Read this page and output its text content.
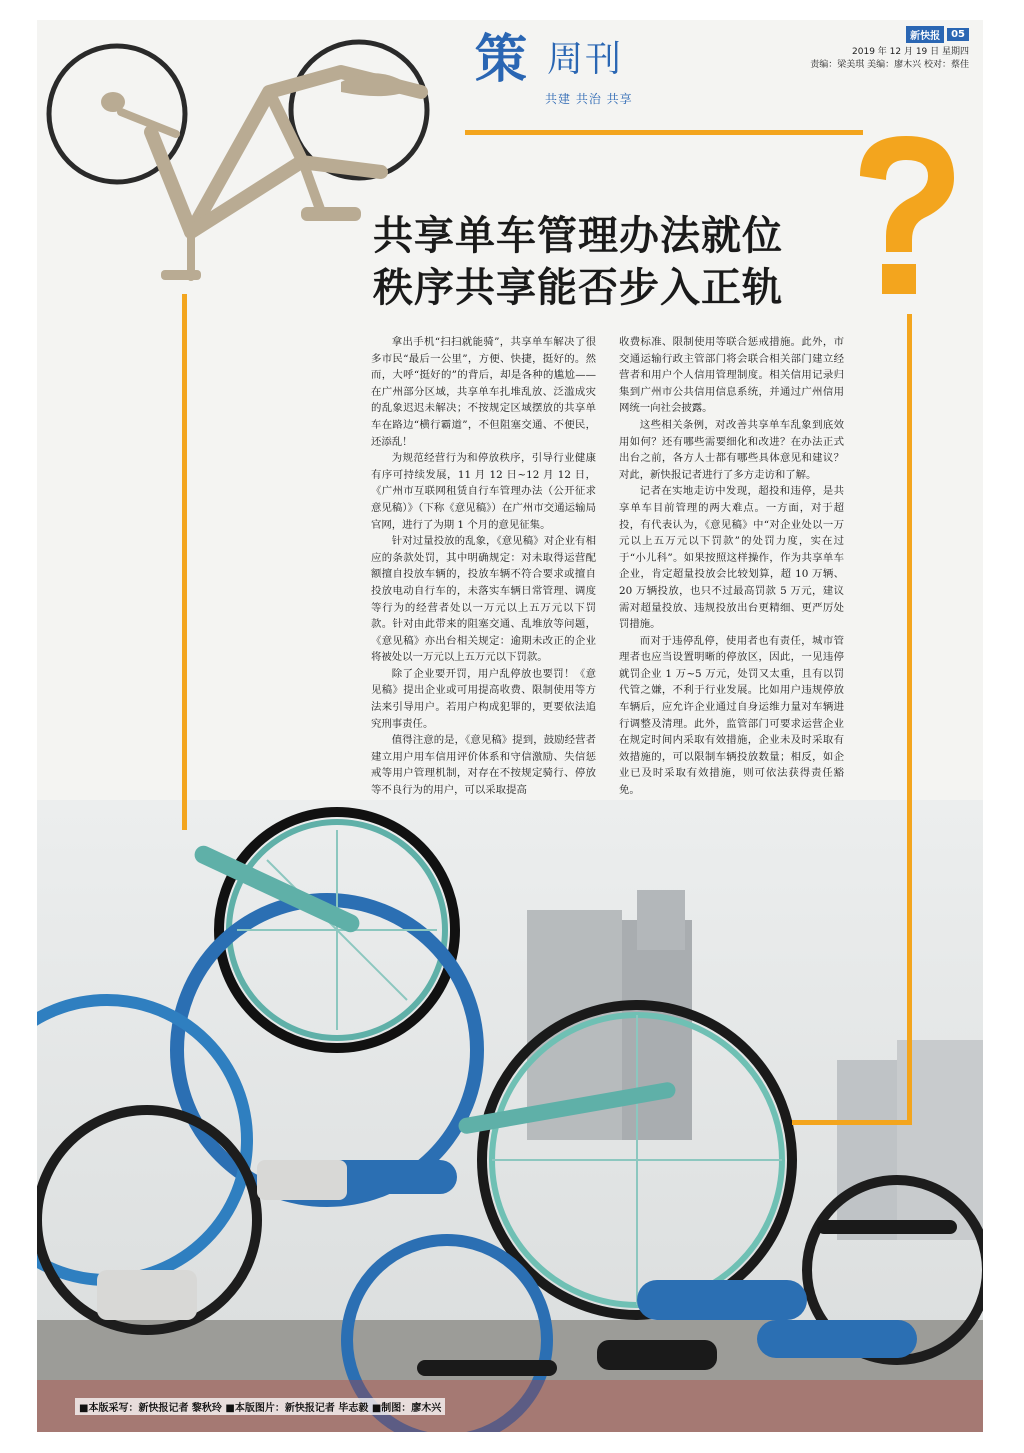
策 周刊
共建 共治 共享
新快报	05
2019 年 12 月 19 日 星期四
责编：梁美琪 美编：廖木兴 校对：蔡佳
共享单车管理办法就位
秩序共享能否步入正轨

拿出手机“扫扫就能骑”，共享单车解决了很多市民“最后一公里”，方便、快捷，挺好的。然而，大呼“挺好的”的背后，却是各种的尴尬——在广州部分区域，共享单车扎堆乱放、泛滥成灾的乱象迟迟未解决；不按规定区域摆放的共享单车在路边“横行霸道”，不但阻塞交通、不便民，还添乱！

为规范经营行为和停放秩序，引导行业健康有序可持续发展，11 月 12 日~12 月 12 日，《广州市互联网租赁自行车管理办法（公开征求意见稿）》（下称《意见稿》）在广州市交通运输局官网，进行了为期 1 个月的意见征集。

针对过量投放的乱象，《意见稿》对企业有相应的条款处罚，其中明确规定：对未取得运营配额擅自投放车辆的，投放车辆不符合要求或擅自投放电动自行车的，未落实车辆日常管理、调度等行为的经营者处以一万元以上五万元以下罚款。针对由此带来的阻塞交通、乱堆放等问题，《意见稿》亦出台相关规定：逾期未改正的企业将被处以一万元以上五万元以下罚款。

除了企业要开罚，用户乱停放也要罚！《意见稿》提出企业或可用提高收费、限制使用等方法来引导用户。若用户构成犯罪的，更要依法追究刑事责任。

值得注意的是，《意见稿》提到，鼓励经营者建立用户用车信用评价体系和守信激励、失信惩戒等用户管理机制，对存在不按规定骑行、停放等不良行为的用户，可以采取提高

收费标准、限制使用等联合惩戒措施。此外，市交通运输行政主管部门将会联合相关部门建立经营者和用户个人信用管理制度。相关信用记录归集到广州市公共信用信息系统，并通过广州信用网统一向社会披露。

这些相关条例，对改善共享单车乱象到底效用如何？还有哪些需要细化和改进？在办法正式出台之前，各方人士都有哪些具体意见和建议？对此，新快报记者进行了多方走访和了解。

记者在实地走访中发现，超投和违停，是共享单车目前管理的两大难点。一方面，对于超投，有代表认为，《意见稿》中“对企业处以一万元以上五万元以下罚款”的处罚力度，实在过于“小儿科”。如果按照这样操作，作为共享单车企业，肯定超量投放会比较划算，超 10 万辆、20 万辆投放，也只不过最高罚款 5 万元，建议需对超量投放、违规投放出台更精细、更严厉处罚措施。

而对于违停乱停，使用者也有责任，城市管理者也应当设置明晰的停放区，因此，一见违停就罚企业 1 万~5 万元，处罚又太重，且有以罚代管之嫌，不利于行业发展。比如用户违规停放车辆后，应允许企业通过自身运维力量对车辆进行调整及清理。此外，监管部门可要求运营企业在规定时间内采取有效措施，企业未及时采取有效措施的，可以限制车辆投放数量；相反，如企业已及时采取有效措施，则可依法获得责任豁免。

■本版采写：新快报记者 黎秋玲 ■本版图片：新快报记者 毕志毅 ■制图：廖木兴
